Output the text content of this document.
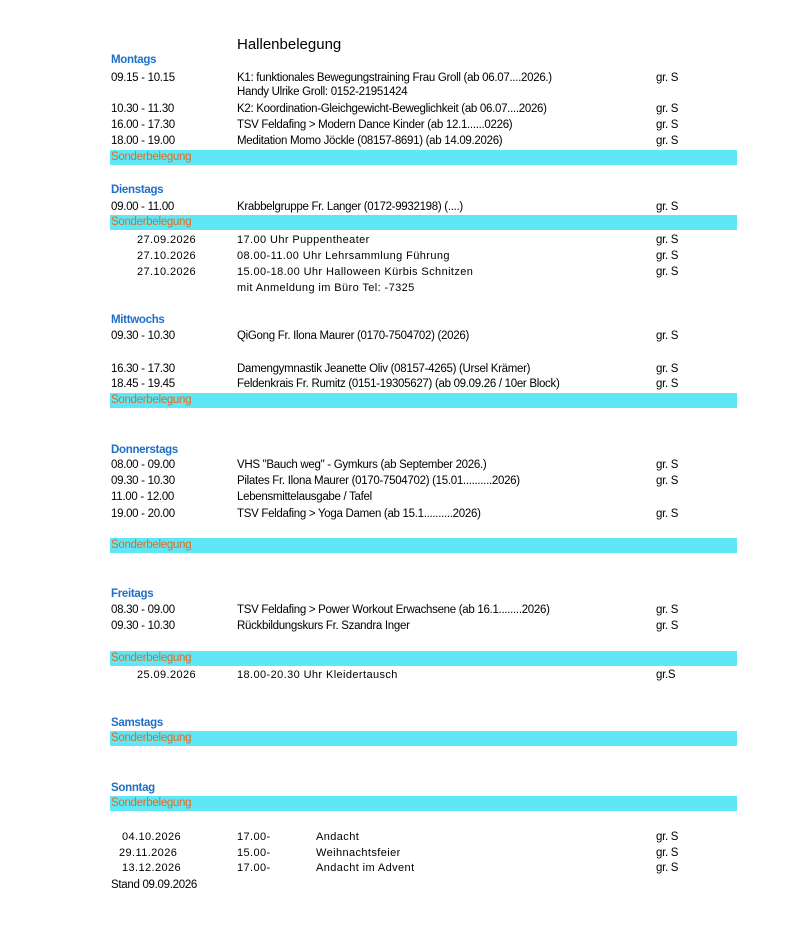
Hallenbelegung
Montags
09.15 - 10.15	K1: funktionales Bewegungstraining Frau Groll (ab 06.07....2026.)	gr. S
Handy Ulrike Groll: 0152-21951424
10.30 - 11.30	K2: Koordination-Gleichgewicht-Beweglichkeit (ab 06.07....2026)	gr. S
16.00 - 17.30	TSV Feldafing > Modern Dance Kinder (ab 12.1......0226)	gr. S
18.00 - 19.00	Meditation Momo Jöckle (08157-8691) (ab 14.09.2026)	gr. S
Sonderbelegung
Dienstags
09.00 - 11.00	Krabbelgruppe Fr. Langer (0172-9932198) (....)	gr. S
Sonderbelegung
27.09.2026	17.00 Uhr Puppentheater	gr. S
27.10.2026	08.00-11.00 Uhr Lehrsammlung Führung	gr. S
27.10.2026	15.00-18.00 Uhr Halloween Kürbis Schnitzen	gr. S
mit Anmeldung im Büro Tel: -7325
Mittwochs
09.30 - 10.30	QiGong Fr. Ilona Maurer (0170-7504702) (2026)	gr. S
16.30 - 17.30	Damengymnastik Jeanette Oliv (08157-4265) (Ursel Krämer)	gr. S
18.45 - 19.45	Feldenkrais Fr. Rumitz (0151-19305627) (ab 09.09.26 / 10er Block)	gr. S
Sonderbelegung
Donnerstags
08.00 - 09.00	VHS "Bauch weg" - Gymkurs (ab September 2026.)	gr. S
09.30 - 10.30	Pilates Fr. Ilona Maurer (0170-7504702) (15.01..........2026)	gr. S
11.00 - 12.00	Lebensmittelausgabe / Tafel
19.00 - 20.00	TSV Feldafing > Yoga Damen (ab 15.1..........2026)	gr. S
Sonderbelegung
Freitags
08.30 - 09.00	TSV Feldafing > Power Workout Erwachsene (ab 16.1........2026)	gr. S
09.30 - 10.30	Rückbildungskurs Fr. Szandra Inger	gr. S
Sonderbelegung
25.09.2026	18.00-20.30 Uhr Kleidertausch	gr.S
Samstags
Sonderbelegung
Sonntag
Sonderbelegung
04.10.2026	17.00-	Andacht	gr. S
29.11.2026	15.00-	Weihnachtsfeier	gr. S
13.12.2026	17.00-	Andacht im Advent	gr. S
Stand 09.09.2026
